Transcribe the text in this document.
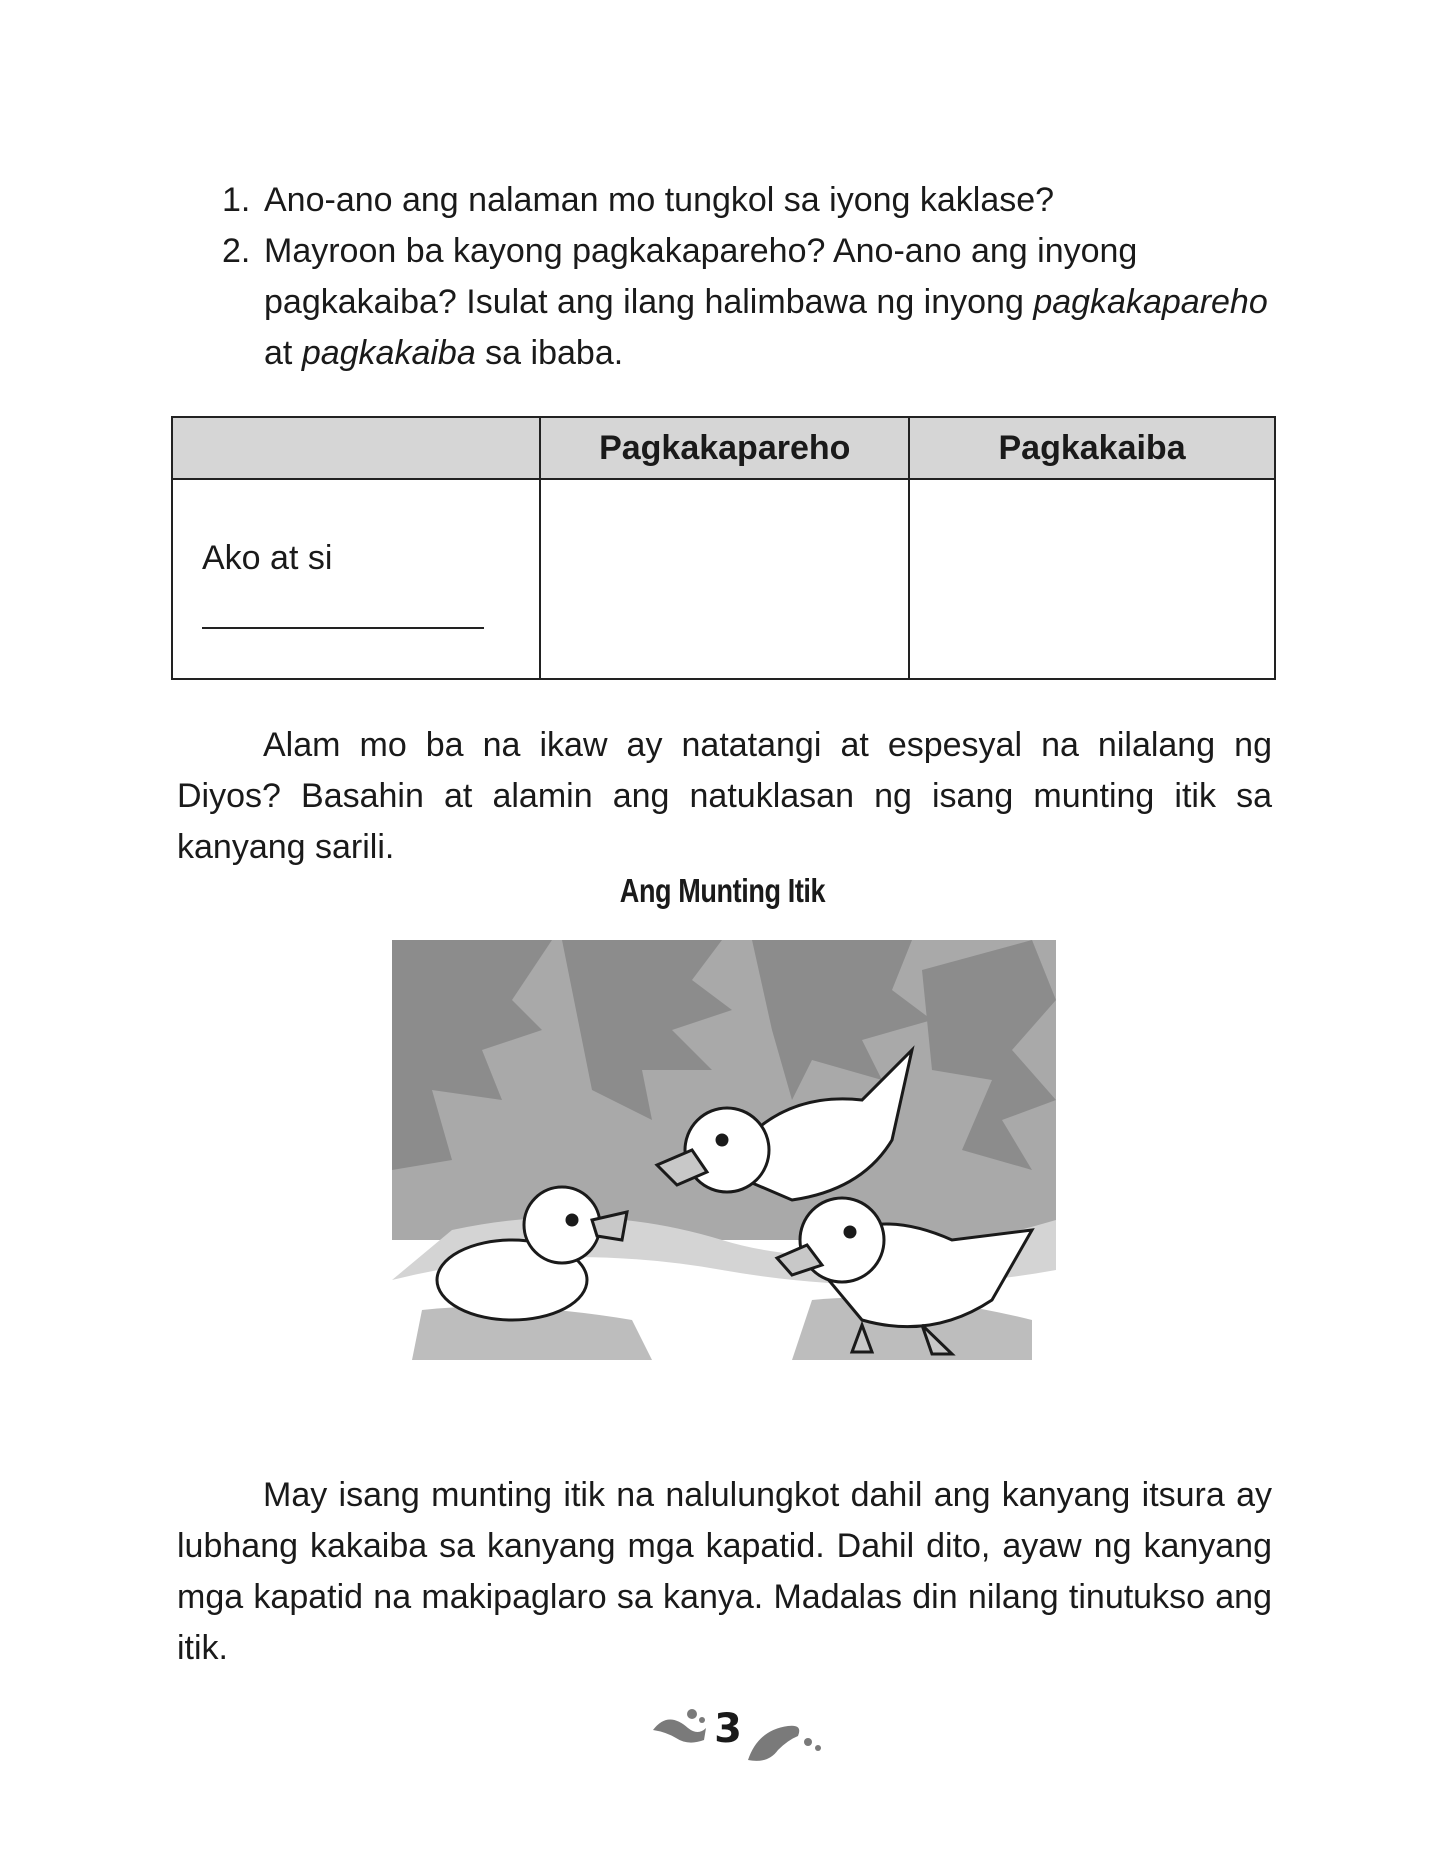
1. Ano-ano ang nalaman mo tungkol sa iyong kaklase?
2. Mayroon ba kayong pagkakapareho? Ano-ano ang inyong pagkakaiba? Isulat ang ilang halimbawa ng inyong pagkakapareho at pagkakaiba sa ibaba.
	Pagkakapareho	Pagkakaiba

Ako at si		

Alam mo ba na ikaw ay natatangi at espesyal na nilalang ng Diyos? Basahin at alamin ang natuklasan ng isang munting itik sa kanyang sarili.

Ang Munting Itik

May isang munting itik na nalulungkot dahil ang kanyang itsura ay lubhang kakaiba sa kanyang mga kapatid. Dahil dito, ayaw ng kanyang mga kapatid na makipaglaro sa kanya. Madalas din nilang tinutukso ang itik.

3
